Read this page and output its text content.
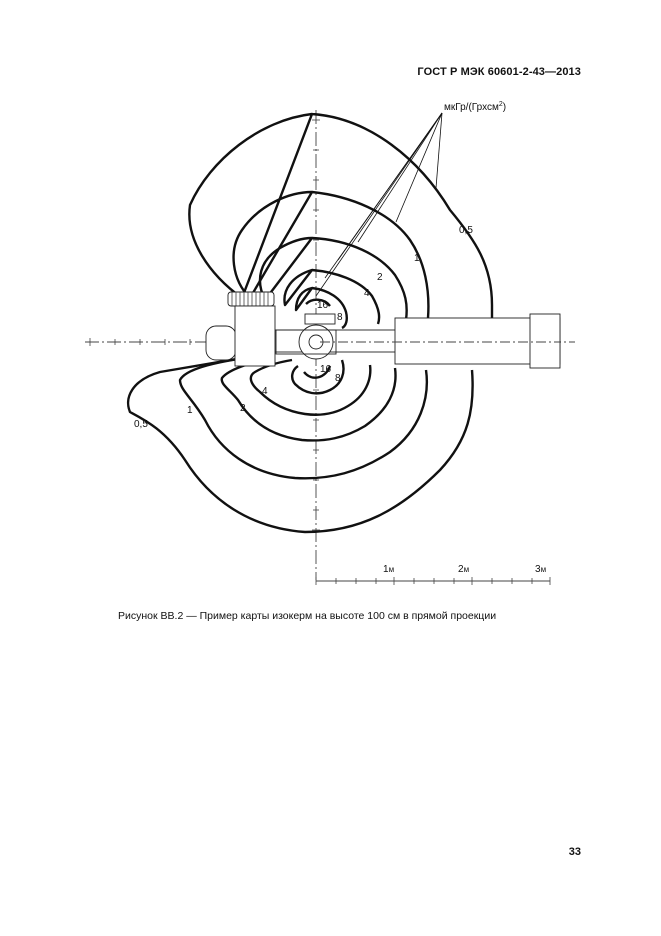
ГОСТ Р МЭК 60601-2-43—2013
мкГр/(Грхсм$^2$)
0,5
1
2
4
8
16
0,5
1	2
4
8
16
1м	2м	3м
Рисунок ВВ.2 — Пример карты изокерм на высоте 100 см в прямой проекции
33
